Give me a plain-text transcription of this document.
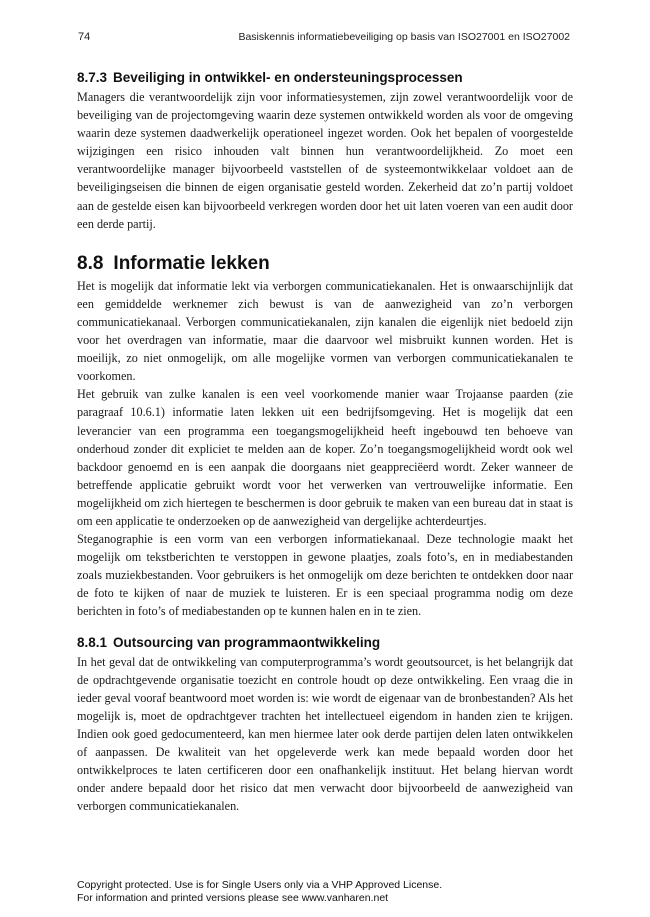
74	Basiskennis informatiebeveiliging op basis van ISO27001 en ISO27002
8.7.3 Beveiliging in ontwikkel- en ondersteuningsprocessen

Managers die verantwoordelijk zijn voor informatiesystemen, zijn zowel verantwoordelijk voor de beveiliging van de projectomgeving waarin deze systemen ontwikkeld worden als voor de omgeving waarin deze systemen daadwerkelijk operationeel ingezet worden. Ook het bepalen of voorgestelde wijzigingen een risico inhouden valt binnen hun verantwoordelijkheid. Zo moet een verantwoordelijke manager bijvoorbeeld vaststellen of de systeemontwikkelaar voldoet aan de beveiligingseisen die binnen de eigen organisatie gesteld worden. Zekerheid dat zo’n partij voldoet aan de gestelde eisen kan bijvoorbeeld verkregen worden door het uit laten voeren van een audit door een derde partij.

8.8 Informatie lekken

Het is mogelijk dat informatie lekt via verborgen communicatiekanalen. Het is onwaarschijnlijk dat een gemiddelde werknemer zich bewust is van de aanwezigheid van zo’n verborgen communicatiekanaal. Verborgen communicatiekanalen, zijn kanalen die eigenlijk niet bedoeld zijn voor het overdragen van informatie, maar die daarvoor wel misbruikt kunnen worden. Het is moeilijk, zo niet onmogelijk, om alle mogelijke vormen van verborgen communicatiekanalen te voorkomen.

Het gebruik van zulke kanalen is een veel voorkomende manier waar Trojaanse paarden (zie paragraaf 10.6.1) informatie laten lekken uit een bedrijfsomgeving. Het is mogelijk dat een leverancier van een programma een toegangsmogelijkheid heeft ingebouwd ten behoeve van onderhoud zonder dit expliciet te melden aan de koper. Zo’n toegangsmogelijkheid wordt ook wel backdoor genoemd en is een aanpak die doorgaans niet geappreciëerd wordt. Zeker wanneer de betreffende applicatie gebruikt wordt voor het verwerken van vertrouwelijke informatie. Een mogelijkheid om zich hiertegen te beschermen is door gebruik te maken van een bureau dat in staat is om een applicatie te onderzoeken op de aanwezigheid van dergelijke achterdeurtjes.

Steganographie is een vorm van een verborgen informatiekanaal. Deze technologie maakt het mogelijk om tekstberichten te verstoppen in gewone plaatjes, zoals foto’s, en in mediabestanden zoals muziekbestanden. Voor gebruikers is het onmogelijk om deze berichten te ontdekken door naar de foto te kijken of naar de muziek te luisteren. Er is een speciaal programma nodig om deze berichten in foto’s of mediabestanden op te kunnen halen en in te zien.

8.8.1 Outsourcing van programmaontwikkeling

In het geval dat de ontwikkeling van computerprogramma’s wordt geoutsourcet, is het belangrijk dat de opdrachtgevende organisatie toezicht en controle houdt op deze ontwikkeling. Een vraag die in ieder geval vooraf beantwoord moet worden is: wie wordt de eigenaar van de bronbestanden? Als het mogelijk is, moet de opdrachtgever trachten het intellectueel eigendom in handen zien te krijgen. Indien ook goed gedocumenteerd, kan men hiermee later ook derde partijen delen laten ontwikkelen of aanpassen. De kwaliteit van het opgeleverde werk kan mede bepaald worden door het ontwikkelproces te laten certificeren door een onafhankelijk instituut. Het belang hiervan wordt onder andere bepaald door het risico dat men verwacht door bijvoorbeeld de aanwezigheid van verborgen communicatiekanalen.

Copyright protected. Use is for Single Users only via a VHP Approved License.
For information and printed versions please see www.vanharen.net
